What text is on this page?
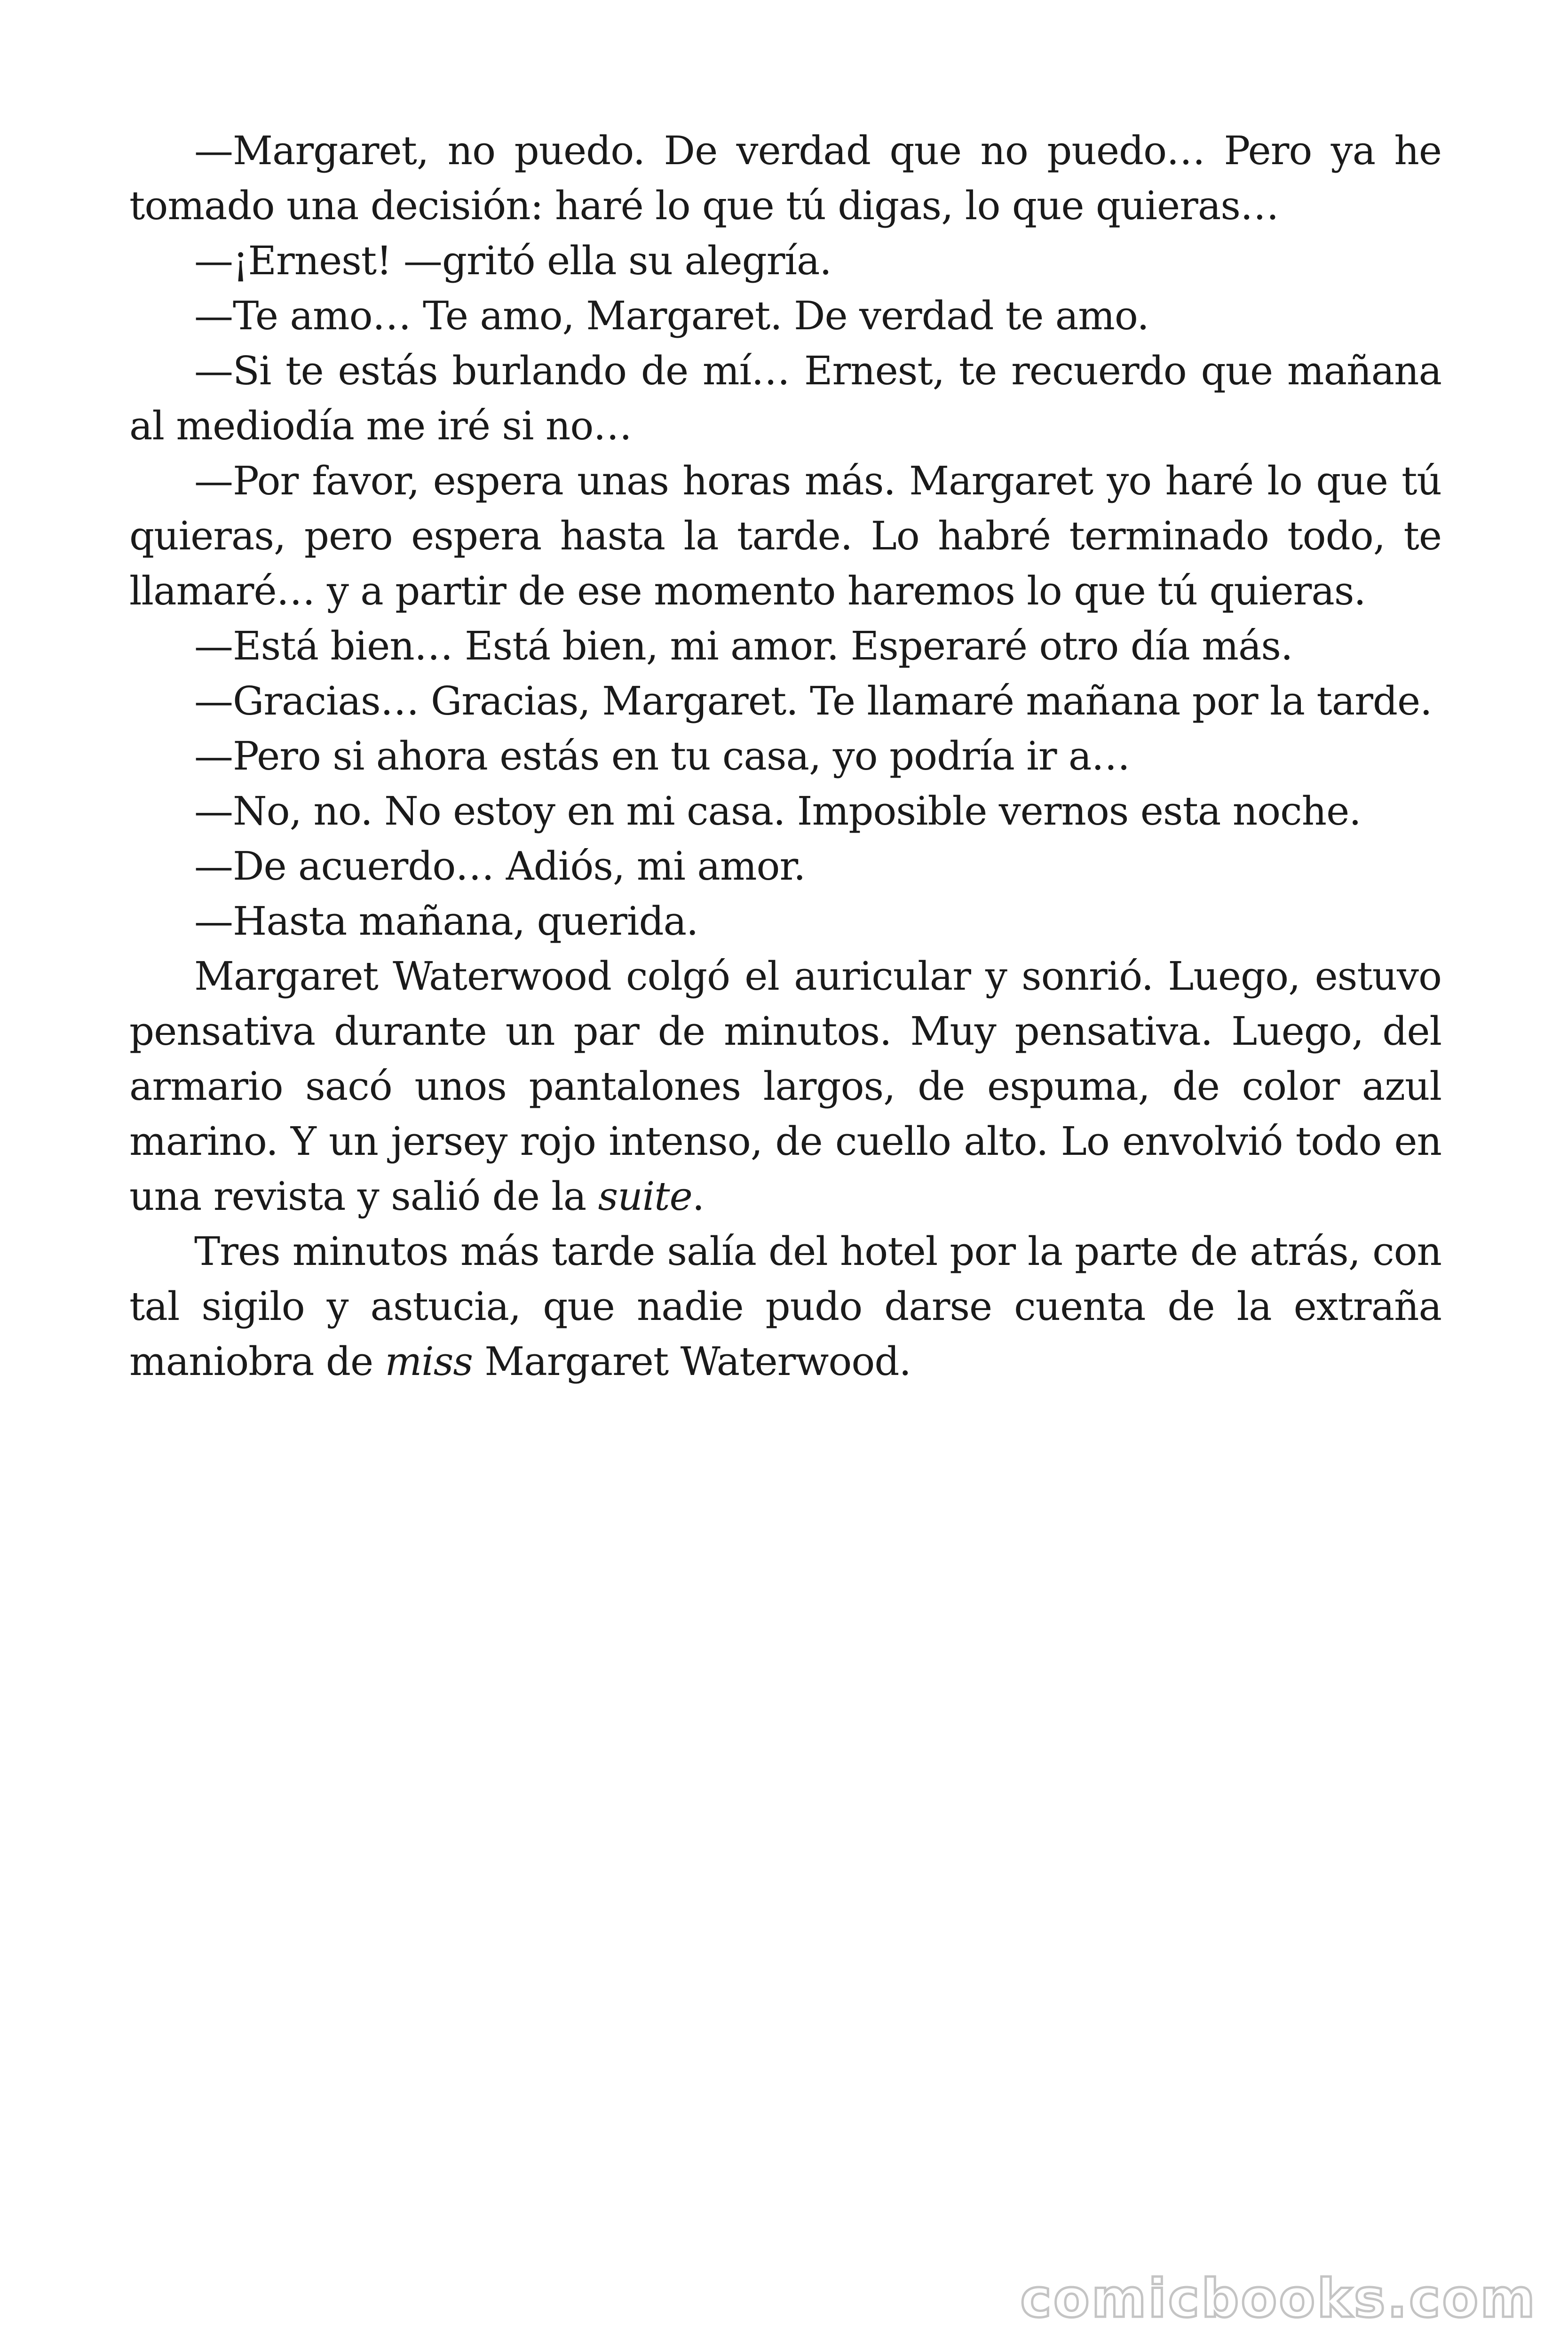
—Margaret, no puedo. De verdad que no puedo… Pero ya he tomado una decisión: haré lo que tú digas, lo que quieras…

—¡Ernest! —gritó ella su alegría.

—Te amo… Te amo, Margaret. De verdad te amo.

—Si te estás burlando de mí… Ernest, te recuerdo que mañana al mediodía me iré si no…

—Por favor, espera unas horas más. Margaret yo haré lo que tú quieras, pero espera hasta la tarde. Lo habré terminado todo, te llamaré… y a partir de ese momento haremos lo que tú quieras.

—Está bien… Está bien, mi amor. Esperaré otro día más.

—Gracias… Gracias, Margaret. Te llamaré mañana por la tarde.

—Pero si ahora estás en tu casa, yo podría ir a…

—No, no. No estoy en mi casa. Imposible vernos esta noche.

—De acuerdo… Adiós, mi amor.

—Hasta mañana, querida.

Margaret Waterwood colgó el auricular y sonrió. Luego, estuvo pensativa durante un par de minutos. Muy pensativa. Luego, del armario sacó unos pantalones largos, de espuma, de color azul marino. Y un jersey rojo intenso, de cuello alto. Lo envolvió todo en una revista y salió de la suite.

Tres minutos más tarde salía del hotel por la parte de atrás, con tal sigilo y astucia, que nadie pudo darse cuenta de la extraña maniobra de miss Margaret Waterwood.

comicbooks.com
